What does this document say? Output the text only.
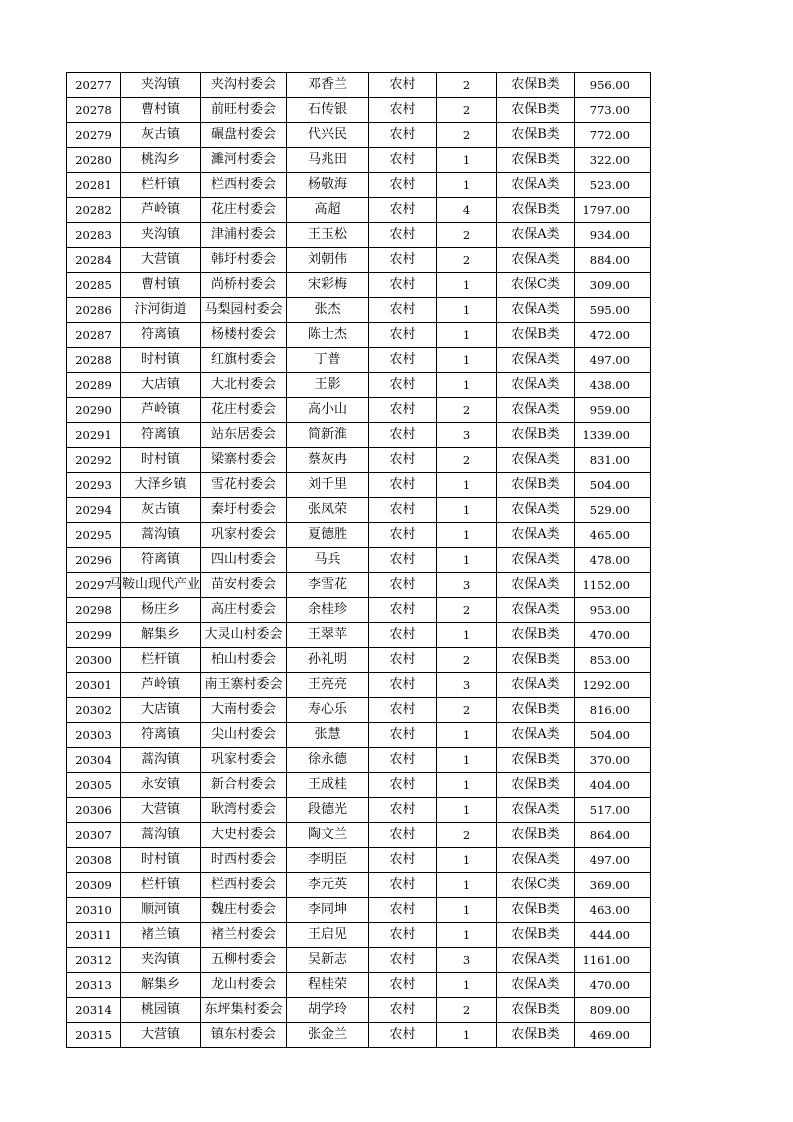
20277	夹沟镇	夹沟村委会	邓香兰	农村	2	农保B类	956.00
20278	曹村镇	前旺村委会	石传银	农村	2	农保B类	773.00
20279	灰古镇	碾盘村委会	代兴民	农村	2	农保B类	772.00
20280	桃沟乡	濉河村委会	马兆田	农村	1	农保B类	322.00
20281	栏杆镇	栏西村委会	杨敬海	农村	1	农保A类	523.00
20282	芦岭镇	花庄村委会	高超	农村	4	农保B类	1797.00
20283	夹沟镇	津浦村委会	王玉松	农村	2	农保A类	934.00
20284	大营镇	韩圩村委会	刘朝伟	农村	2	农保A类	884.00
20285	曹村镇	尚桥村委会	宋彩梅	农村	1	农保C类	309.00
20286	汴河街道	马梨园村委会	张杰	农村	1	农保A类	595.00
20287	符离镇	杨楼村委会	陈士杰	农村	1	农保B类	472.00
20288	时村镇	红旗村委会	丁普	农村	1	农保A类	497.00
20289	大店镇	大北村委会	王影	农村	1	农保A类	438.00
20290	芦岭镇	花庄村委会	高小山	农村	2	农保A类	959.00
20291	符离镇	站东居委会	简新淮	农村	3	农保B类	1339.00
20292	时村镇	梁寨村委会	蔡灰冉	农村	2	农保A类	831.00
20293	大泽乡镇	雪花村委会	刘千里	农村	1	农保B类	504.00
20294	灰古镇	秦圩村委会	张凤荣	农村	1	农保A类	529.00
20295	蒿沟镇	巩家村委会	夏德胜	农村	1	农保A类	465.00
20296	符离镇	四山村委会	马兵	农村	1	农保A类	478.00
20297	马鞍山现代产业	苗安村委会	李雪花	农村	3	农保A类	1152.00
20298	杨庄乡	高庄村委会	余桂珍	农村	2	农保A类	953.00
20299	解集乡	大灵山村委会	王翠苹	农村	1	农保B类	470.00
20300	栏杆镇	柏山村委会	孙礼明	农村	2	农保B类	853.00
20301	芦岭镇	南王寨村委会	王亮亮	农村	3	农保A类	1292.00
20302	大店镇	大南村委会	寿心乐	农村	2	农保B类	816.00
20303	符离镇	尖山村委会	张慧	农村	1	农保A类	504.00
20304	蒿沟镇	巩家村委会	徐永德	农村	1	农保B类	370.00
20305	永安镇	新合村委会	王成桂	农村	1	农保B类	404.00
20306	大营镇	耿湾村委会	段德光	农村	1	农保A类	517.00
20307	蒿沟镇	大史村委会	陶文兰	农村	2	农保B类	864.00
20308	时村镇	时西村委会	李明臣	农村	1	农保A类	497.00
20309	栏杆镇	栏西村委会	李元英	农村	1	农保C类	369.00
20310	顺河镇	魏庄村委会	李同坤	农村	1	农保B类	463.00
20311	褚兰镇	褚兰村委会	王启见	农村	1	农保B类	444.00
20312	夹沟镇	五柳村委会	吴新志	农村	3	农保A类	1161.00
20313	解集乡	龙山村委会	程桂荣	农村	1	农保A类	470.00
20314	桃园镇	东坪集村委会	胡学玲	农村	2	农保B类	809.00
20315	大营镇	镇东村委会	张金兰	农村	1	农保B类	469.00
